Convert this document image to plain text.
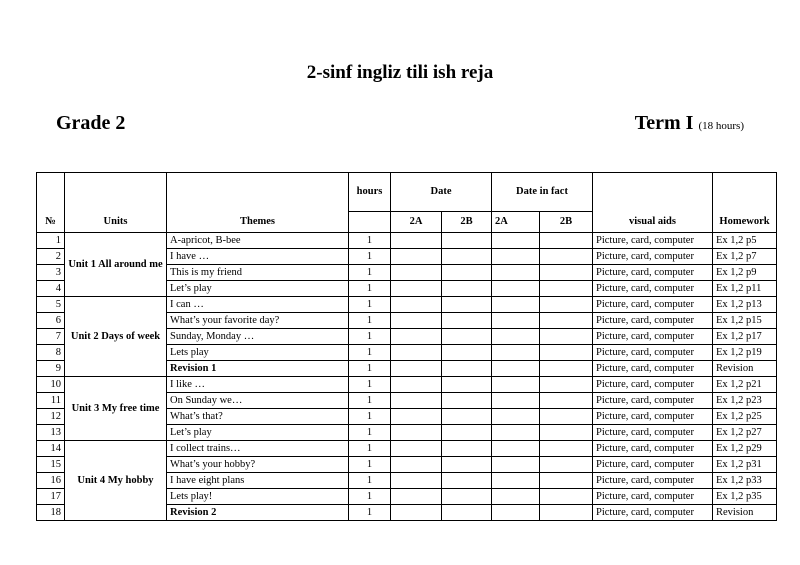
2-sinf ingliz tili ish reja
Grade 2	Term I (18 hours)
			hours	Date		Date in fact			
№	Units	Themes		2A	2B	2A	2B	visual aids	Homework
1	Unit 1 All around me	A-apricot, B-bee	1					Picture, card, computer	Ex 1,2 p5
2		I have …	1					Picture, card, computer	Ex 1,2 p7
3		This is my friend	1					Picture, card, computer	Ex 1,2 p9
4		Let’s play	1					Picture, card, computer	Ex 1,2 p11
5	Unit 2 Days of week	I can …	1					Picture, card, computer	Ex 1,2 p13
6		What’s your favorite day?	1					Picture, card, computer	Ex 1,2 p15
7		Sunday, Monday …	1					Picture, card, computer	Ex 1,2 p17
8		Lets play	1					Picture, card, computer	Ex 1,2 p19
9		Revision 1	1					Picture, card, computer	Revision
10	Unit 3 My free time	I like …	1					Picture, card, computer	Ex 1,2 p21
11		On Sunday we…	1					Picture, card, computer	Ex 1,2 p23
12		What’s that?	1					Picture, card, computer	Ex 1,2 p25
13		Let’s play	1					Picture, card, computer	Ex 1,2 p27
14	Unit 4 My hobby	I collect trains…	1					Picture, card, computer	Ex 1,2 p29
15		What’s your hobby?	1					Picture, card, computer	Ex 1,2 p31
16		I have eight plans	1					Picture, card, computer	Ex 1,2 p33
17		Lets play!	1					Picture, card, computer	Ex 1,2 p35
18		Revision 2	1					Picture, card, computer	Revision
